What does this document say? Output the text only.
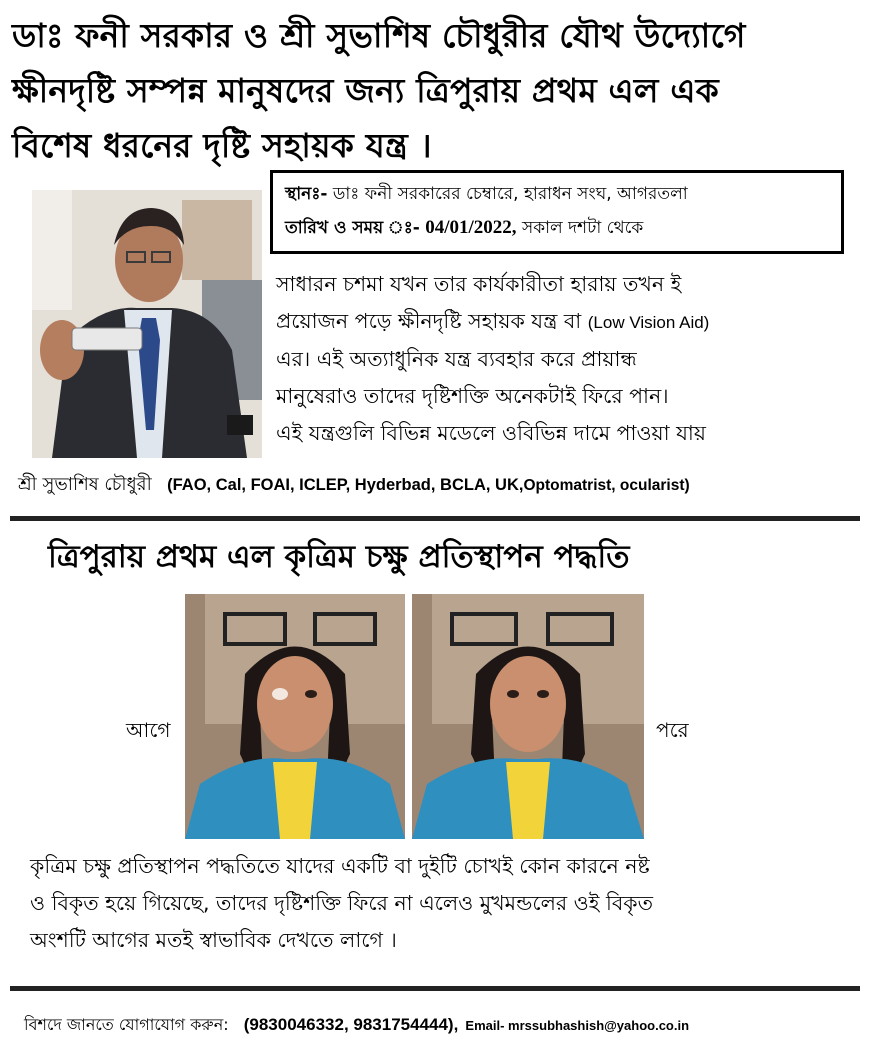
ডাঃ ফনী সরকার ও শ্রী সুভাশিষ চৌধুরীর যৌথ উদ্যোগে
ক্ষীনদৃষ্টি সম্পন্ন মানুষদের জন্য ত্রিপুরায় প্রথম এল এক
বিশেষ ধরনের দৃষ্টি সহায়ক যন্ত্র ।
স্থানঃ- ডাঃ ফনী সরকারের চেম্বারে, হারাধন সংঘ, আগরতলা
তারিখ ও সময় ঃ- 04/01/2022, সকাল দশটা থেকে
সাধারন চশমা যখন তার কার্যকারীতা হারায় তখন ই
প্রয়োজন পড়ে ক্ষীনদৃষ্টি সহায়ক যন্ত্র বা (Low Vision Aid)
এর। এই অত্যাধুনিক যন্ত্র ব্যবহার করে প্রায়ান্ধ
মানুষেরাও তাদের দৃষ্টিশক্তি অনেকটাই ফিরে পান।
এই যন্ত্রগুলি বিভিন্ন মডেলে ওবিভিন্ন দামে পাওয়া যায়
শ্রী সুভাশিষ চৌধুরী (FAO, Cal, FOAI, ICLEP, Hyderbad, BCLA, UK,Optomatrist, ocularist)
ত্রিপুরায় প্রথম এল কৃত্রিম চক্ষু প্রতিস্থাপন পদ্ধতি
আগে	পরে
কৃত্রিম চক্ষু প্রতিস্থাপন পদ্ধতিতে যাদের একটি বা দুইটি চোখই কোন কারনে নষ্ট
ও বিকৃত হয়ে গিয়েছে, তাদের দৃষ্টিশক্তি ফিরে না এলেও মুখমন্ডলের ওই বিকৃত
অংশটি আগের মতই স্বাভাবিক দেখতে লাগে ।
বিশদে জানতে যোগাযোগ করুন: (9830046332, 9831754444), Email- mrssubhashish@yahoo.co.in
